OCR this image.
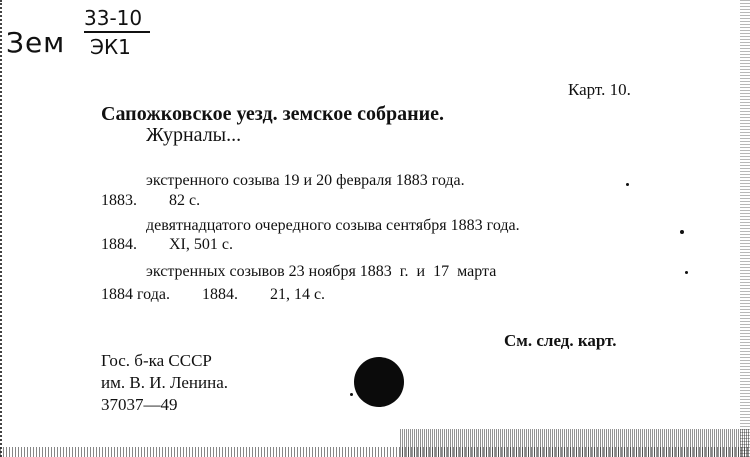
Зем
33-10
ЭК1
Карт. 10.
Сапожковское уезд. земское собрание.
Журналы...
экстренного созыва 19 и 20 февраля 1883 года.
1883.        82 с.
девятнадцатого очередного созыва сентября 1883 года.
1884.        XI, 501 с.
экстренных созывов 23 ноября 1883  г.  и  17  марта
1884 года.        1884.        21, 14 с.
См. след. карт.
Гос. б-ка СССР
им. В. И. Ленина.
37037—49
